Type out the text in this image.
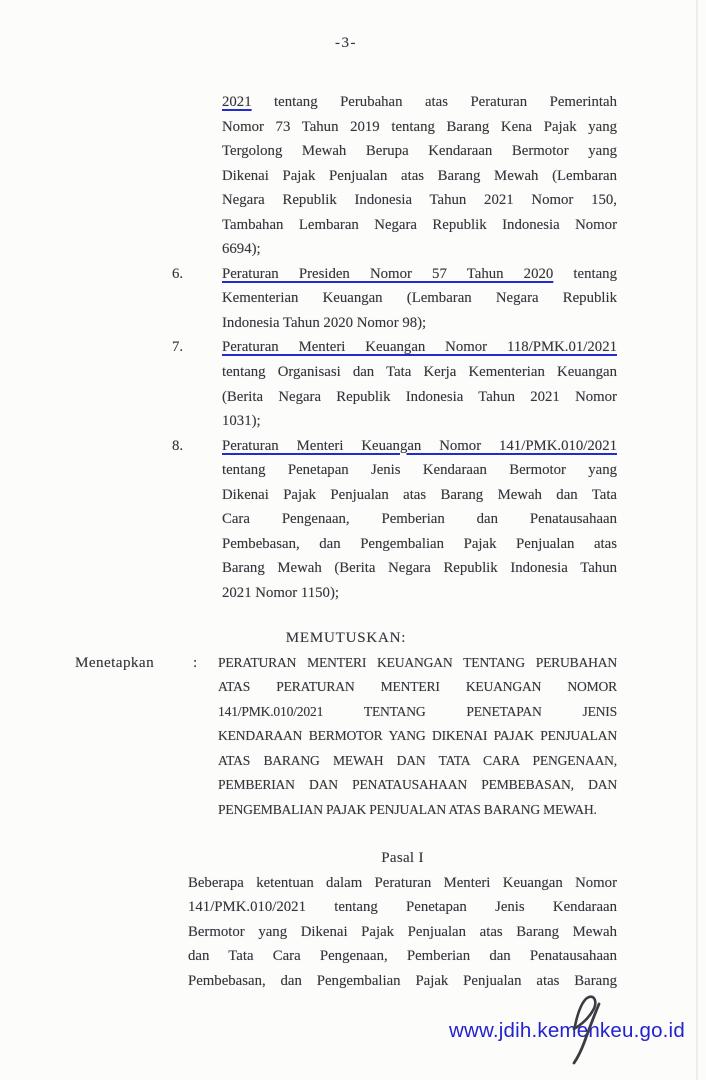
-3-
2021 tentang Perubahan atas Peraturan Pemerintah
Nomor 73 Tahun 2019 tentang Barang Kena Pajak yang
Tergolong Mewah Berupa Kendaraan Bermotor yang
Dikenai Pajak Penjualan atas Barang Mewah (Lembaran
Negara Republik Indonesia Tahun 2021 Nomor 150,
Tambahan Lembaran Negara Republik Indonesia Nomor
6694);
6.	Peraturan Presiden Nomor 57 Tahun 2020 tentang
Kementerian Keuangan (Lembaran Negara Republik
Indonesia Tahun 2020 Nomor 98);
7.	Peraturan Menteri Keuangan Nomor 118/PMK.01/2021
tentang Organisasi dan Tata Kerja Kementerian Keuangan
(Berita Negara Republik Indonesia Tahun 2021 Nomor
1031);
8.	Peraturan Menteri Keuangan Nomor 141/PMK.010/2021
tentang Penetapan Jenis Kendaraan Bermotor yang
Dikenai Pajak Penjualan atas Barang Mewah dan Tata
Cara Pengenaan, Pemberian dan Penatausahaan
Pembebasan, dan Pengembalian Pajak Penjualan atas
Barang Mewah (Berita Negara Republik Indonesia Tahun
2021 Nomor 1150);
MEMUTUSKAN:
Menetapkan	: PERATURAN MENTERI KEUANGAN TENTANG PERUBAHAN
ATAS PERATURAN MENTERI KEUANGAN NOMOR
141/PMK.010/2021 TENTANG PENETAPAN JENIS
KENDARAAN BERMOTOR YANG DIKENAI PAJAK PENJUALAN
ATAS BARANG MEWAH DAN TATA CARA PENGENAAN,
PEMBERIAN DAN PENATAUSAHAAN PEMBEBASAN, DAN
PENGEMBALIAN PAJAK PENJUALAN ATAS BARANG MEWAH.
Pasal I
Beberapa ketentuan dalam Peraturan Menteri Keuangan Nomor
141/PMK.010/2021 tentang Penetapan Jenis Kendaraan
Bermotor yang Dikenai Pajak Penjualan atas Barang Mewah
dan Tata Cara Pengenaan, Pemberian dan Penatausahaan
Pembebasan, dan Pengembalian Pajak Penjualan atas Barang
www.jdih.kemenkeu.go.id
